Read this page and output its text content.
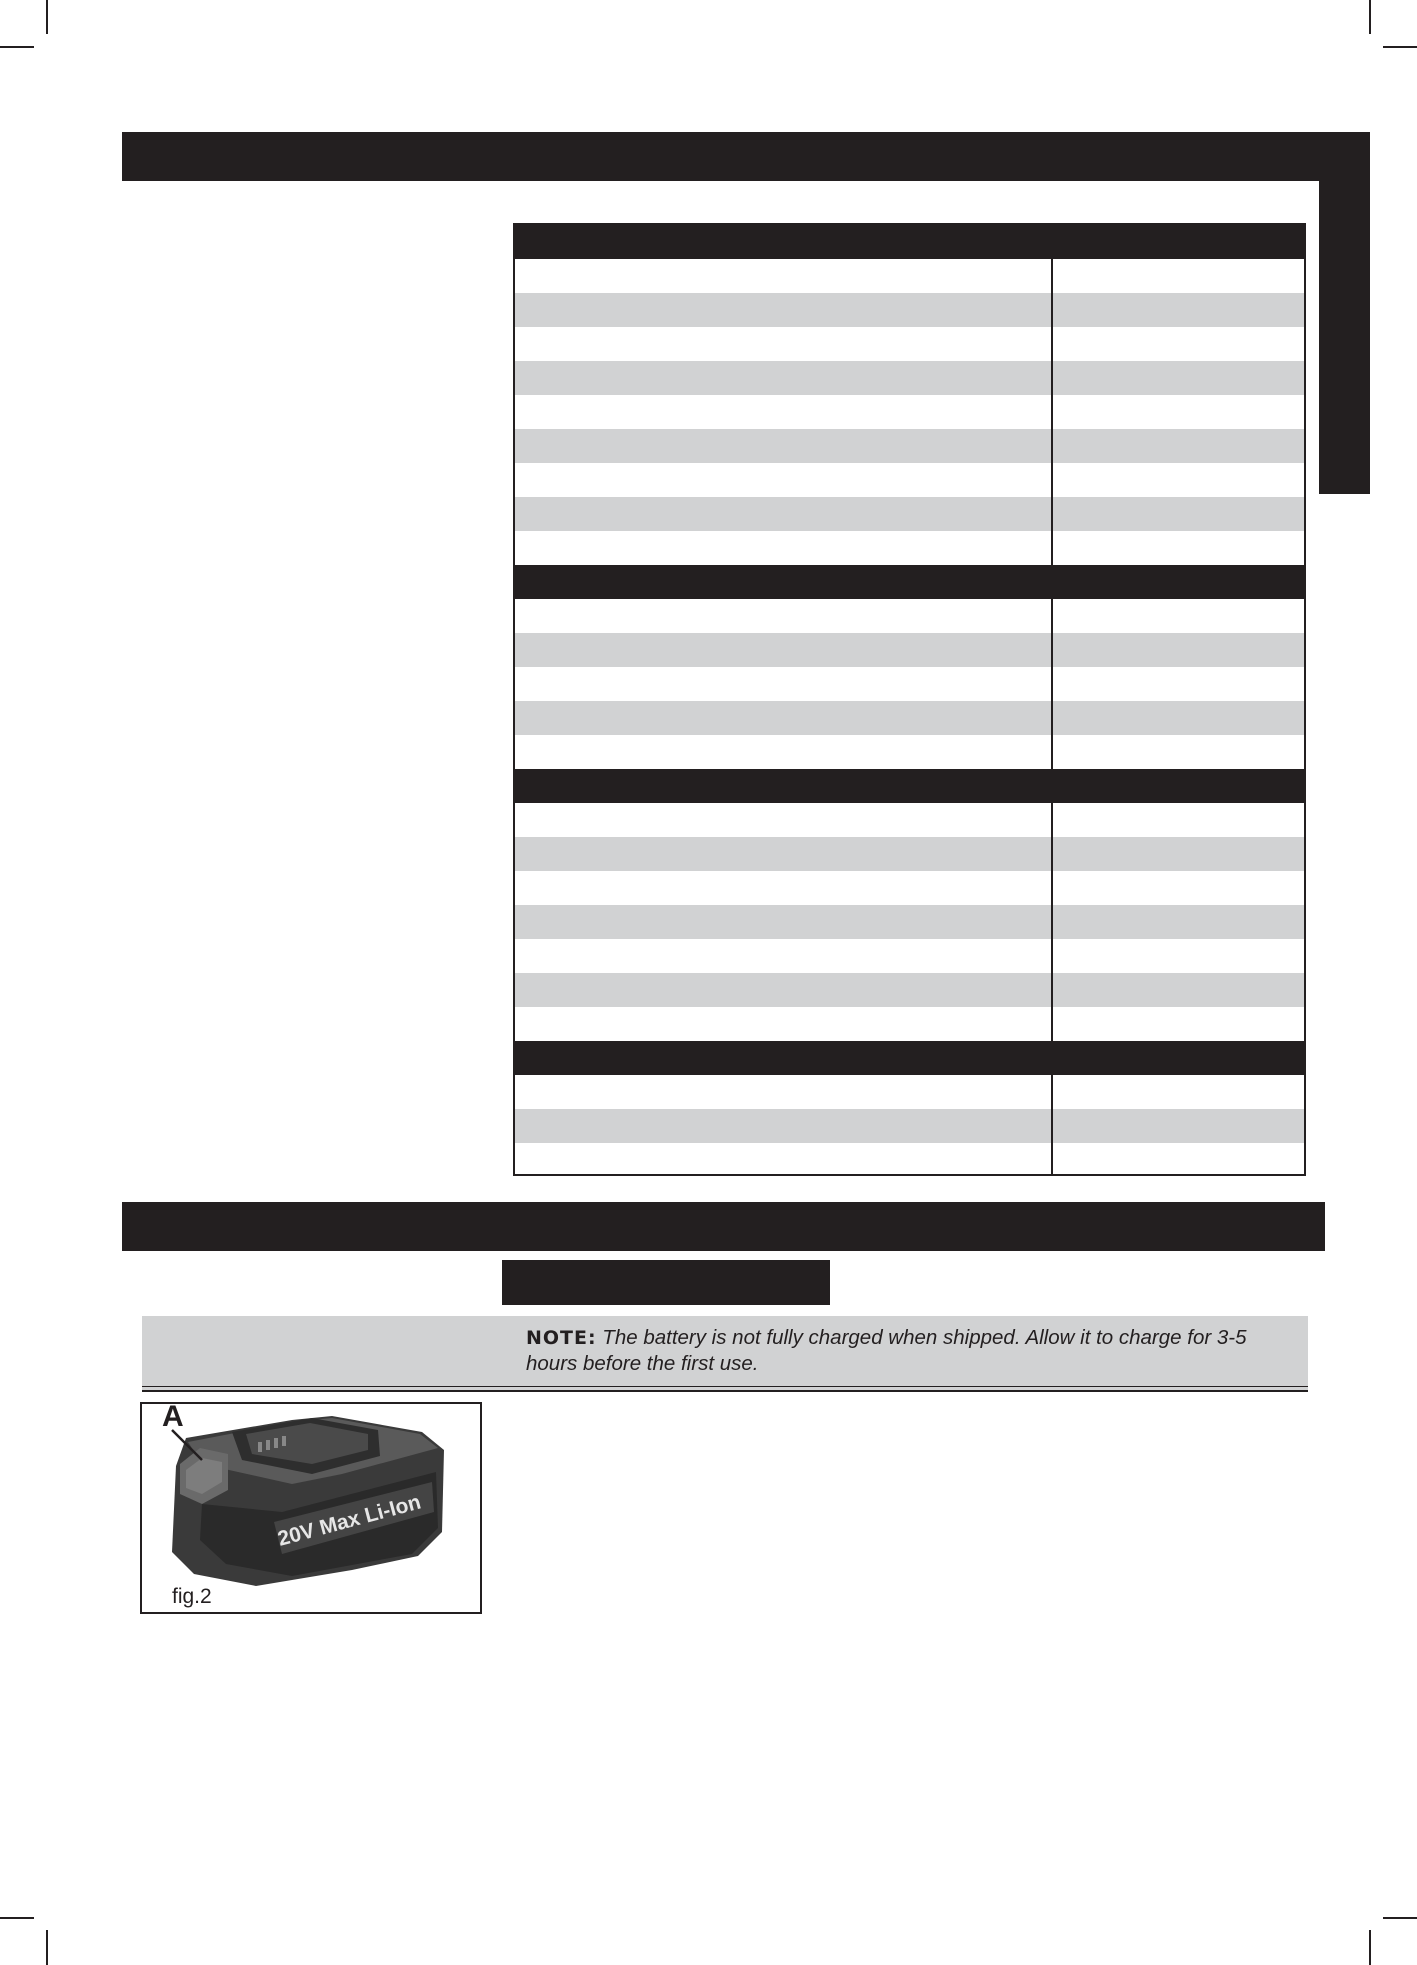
NOTE: The battery is not fully charged when shipped. Allow it to charge for 3-5 hours before the first use.
20V Max Li-Ion
A
fig.2
